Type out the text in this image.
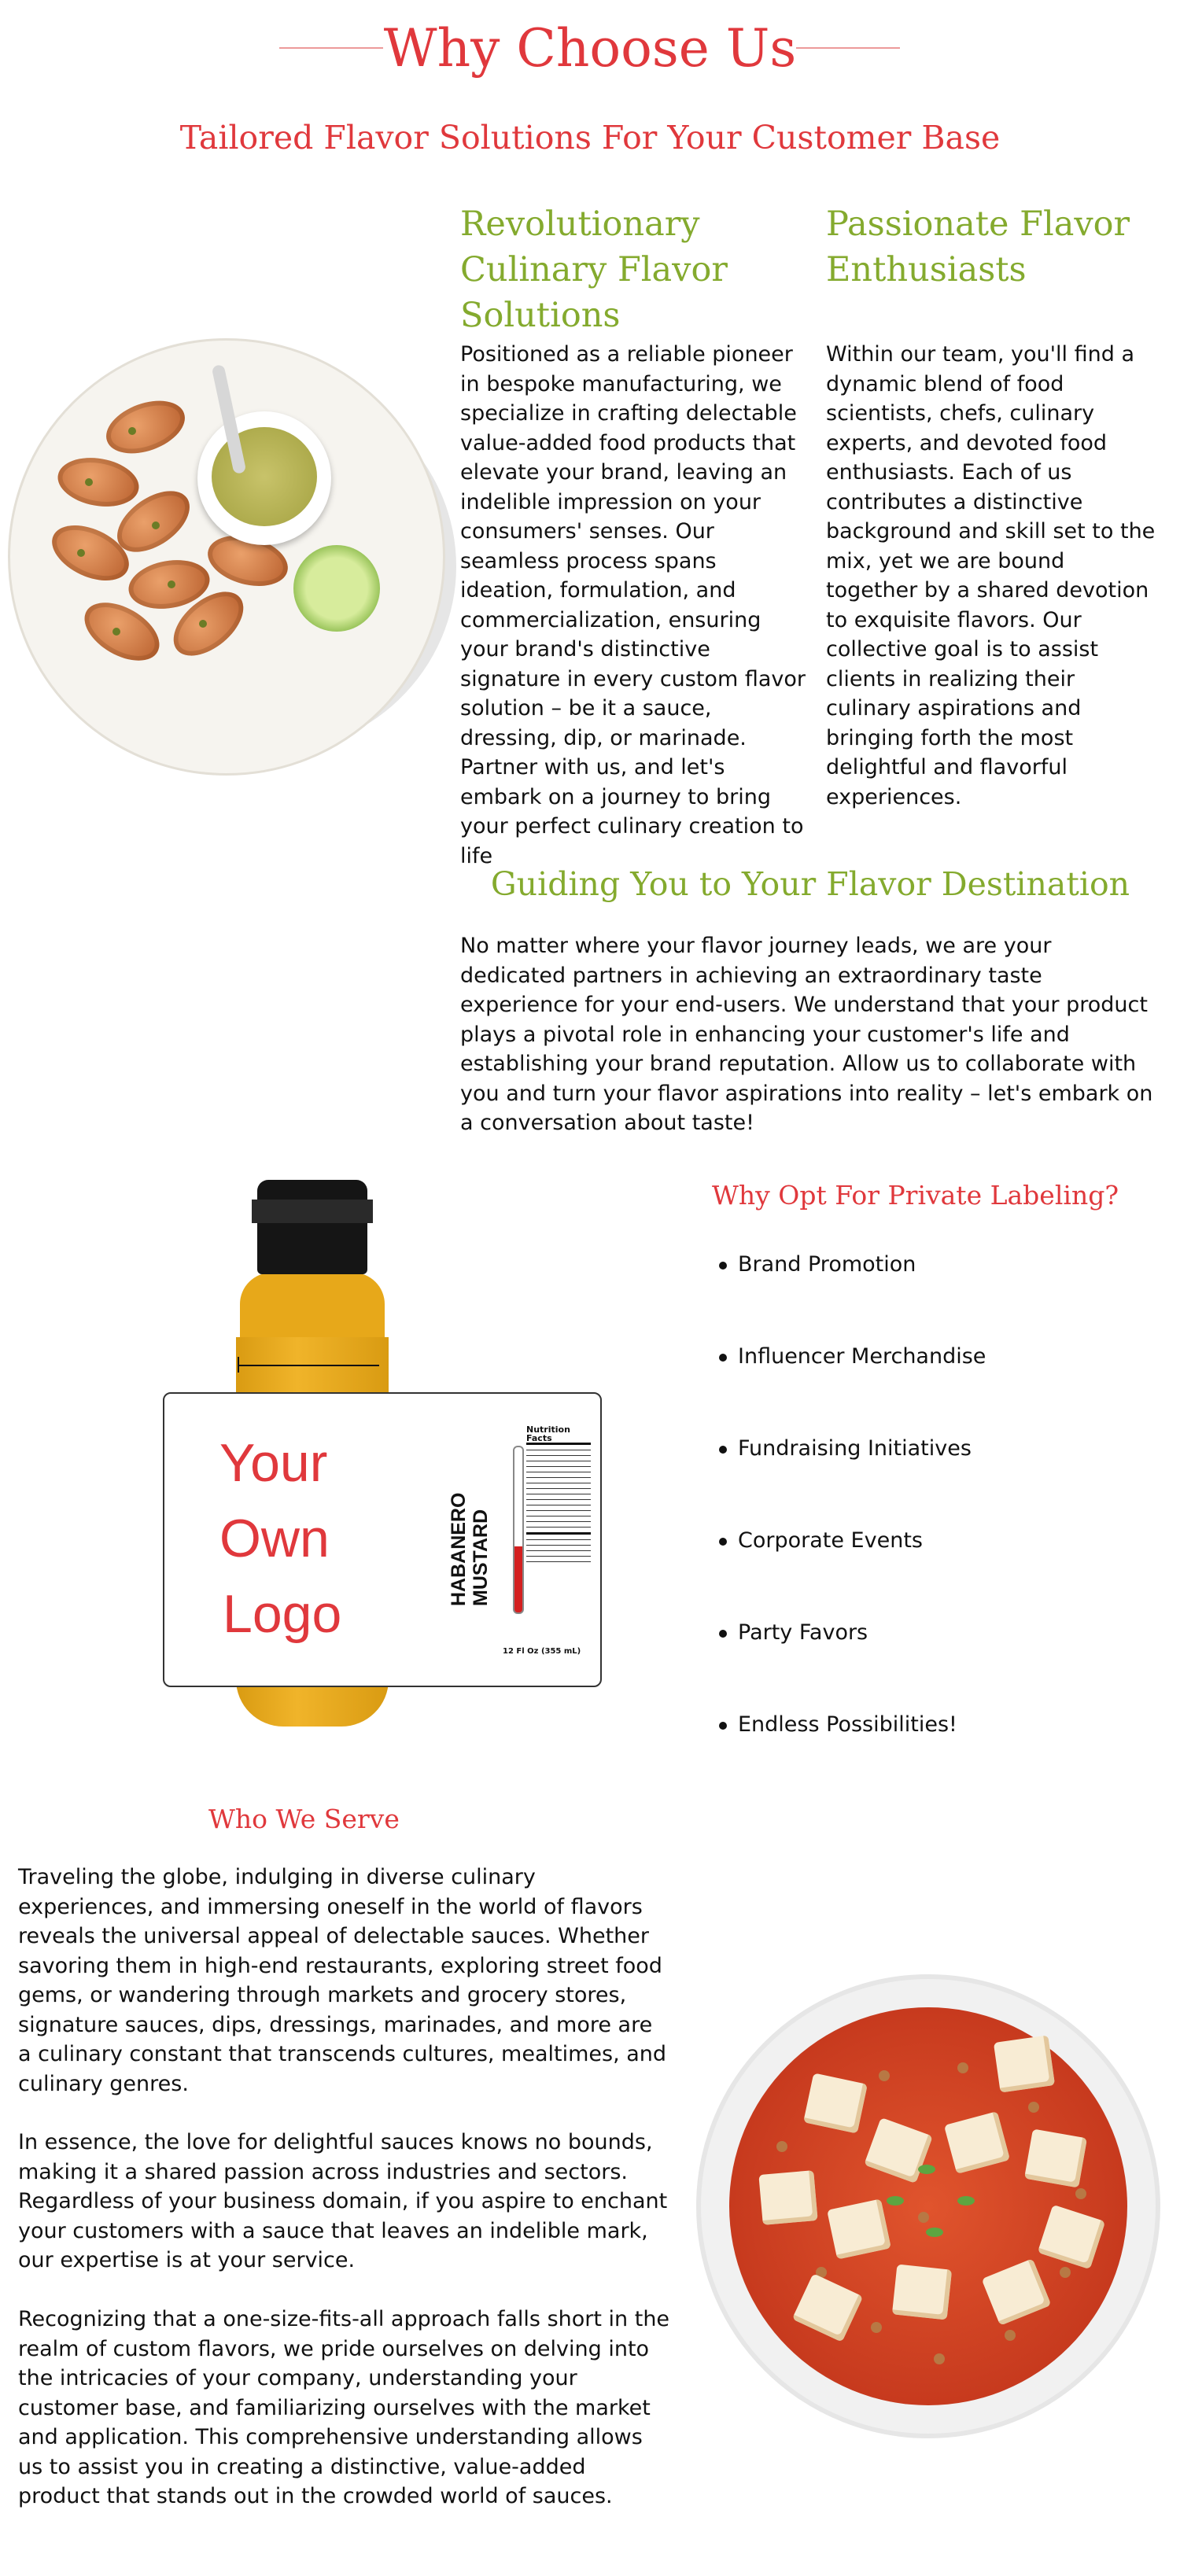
Why Choose Us
Tailored Flavor Solutions For Your Customer Base
Revolutionary Culinary Flavor Solutions
Positioned as a reliable pioneer in bespoke manufacturing, we specialize in crafting delectable value-added food products that elevate your brand, leaving an indelible impression on your consumers' senses. Our seamless process spans ideation, formulation, and commercialization, ensuring your brand's distinctive signature in every custom flavor solution – be it a sauce, dressing, dip, or marinade. Partner with us, and let's embark on a journey to bring your perfect culinary creation to life
Passionate Flavor Enthusiasts
Within our team, you'll find a dynamic blend of food scientists, chefs, culinary experts, and devoted food enthusiasts. Each of us contributes a distinctive background and skill set to the mix, yet we are bound together by a shared devotion to exquisite flavors. Our collective goal is to assist clients in realizing their culinary aspirations and bringing forth the most delightful and flavorful experiences.
Guiding You to Your Flavor Destination
No matter where your flavor journey leads, we are your dedicated partners in achieving an extraordinary taste experience for your end-users. We understand that your product plays a pivotal role in enhancing your customer's life and establishing your brand reputation. Allow us to collaborate with you and turn your flavor aspirations into reality – let's embark on a conversation about taste!
Your
Own
Logo
HABANERO MUSTARD
Nutrition Facts
12 Fl Oz (355 mL)
Why Opt For Private Labeling?
Brand Promotion
Influencer Merchandise
Fundraising Initiatives
Corporate Events
Party Favors
Endless Possibilities!
Who We Serve
Traveling the globe, indulging in diverse culinary experiences, and immersing oneself in the world of flavors reveals the universal appeal of delectable sauces. Whether savoring them in high-end restaurants, exploring street food gems, or wandering through markets and grocery stores, signature sauces, dips, dressings, marinades, and more are a culinary constant that transcends cultures, mealtimes, and culinary genres.
In essence, the love for delightful sauces knows no bounds, making it a shared passion across industries and sectors. Regardless of your business domain, if you aspire to enchant your customers with a sauce that leaves an indelible mark, our expertise is at your service.
Recognizing that a one-size-fits-all approach falls short in the realm of custom flavors, we pride ourselves on delving into the intricacies of your company, understanding your customer base, and familiarizing ourselves with the market and application. This comprehensive understanding allows us to assist you in creating a distinctive, value-added product that stands out in the crowded world of sauces.
